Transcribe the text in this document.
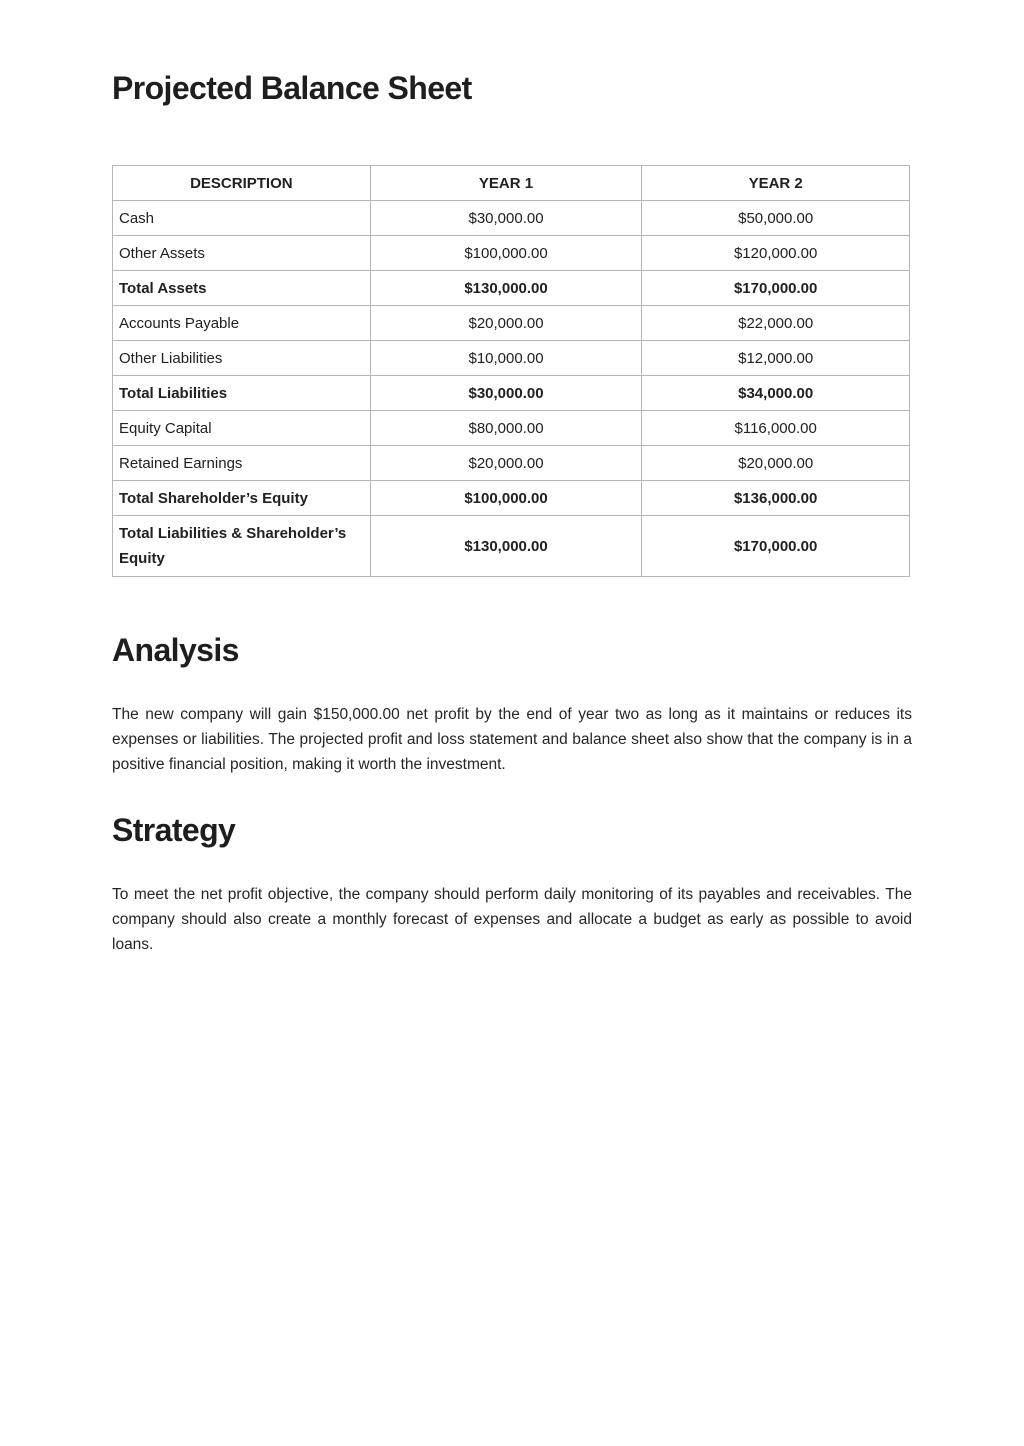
Projected Balance Sheet
DESCRIPTION	YEAR 1	YEAR 2
Cash	$30,000.00	$50,000.00
Other Assets	$100,000.00	$120,000.00
Total Assets	$130,000.00	$170,000.00
Accounts Payable	$20,000.00	$22,000.00
Other Liabilities	$10,000.00	$12,000.00
Total Liabilities	$30,000.00	$34,000.00
Equity Capital	$80,000.00	$116,000.00
Retained Earnings	$20,000.00	$20,000.00
Total Shareholder’s Equity	$100,000.00	$136,000.00
Total Liabilities & Shareholder’s Equity	$130,000.00	$170,000.00
Analysis

The new company will gain $150,000.00 net profit by the end of year two as long as it maintains or reduces its expenses or liabilities. The projected profit and loss statement and balance sheet also show that the company is in a positive financial position, making it worth the investment.

Strategy

To meet the net profit objective, the company should perform daily monitoring of its payables and receivables. The company should also create a monthly forecast of expenses and allocate a budget as early as possible to avoid loans.
